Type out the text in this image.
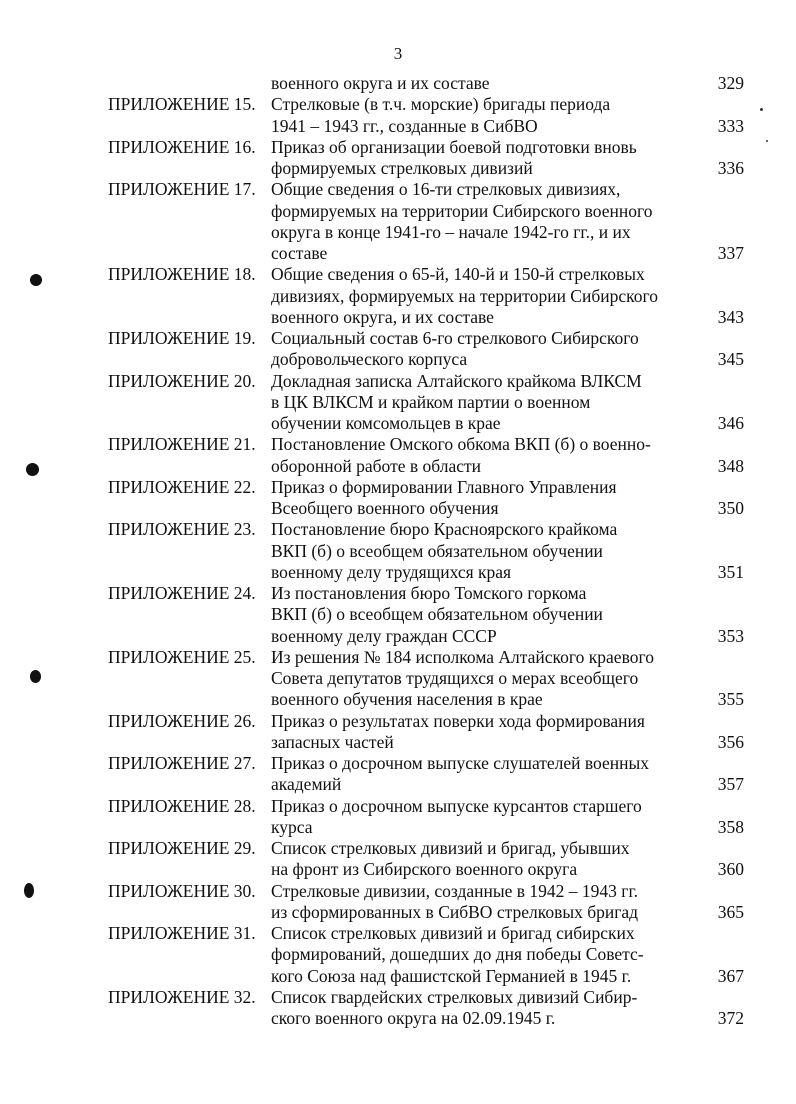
3
военного округа и их составе	329
ПРИЛОЖЕНИЕ 15. Стрелковые (в т.ч. морские) бригады периода
1941 – 1943 гг., созданные в СибВО	333
ПРИЛОЖЕНИЕ 16. Приказ об организации боевой подготовки вновь
формируемых стрелковых дивизий	336
ПРИЛОЖЕНИЕ 17. Общие сведения о 16-ти стрелковых дивизиях,
формируемых на территории Сибирского военного
округа в конце 1941-го – начале 1942-го гг., и их
составе	337
ПРИЛОЖЕНИЕ 18. Общие сведения о 65-й, 140-й и 150-й стрелковых
дивизиях, формируемых на территории Сибирского
военного округа, и их составе	343
ПРИЛОЖЕНИЕ 19. Социальный состав 6-го стрелкового Сибирского
добровольческого корпуса	345
ПРИЛОЖЕНИЕ 20. Докладная записка Алтайского крайкома ВЛКСМ
в ЦК ВЛКСМ и крайком партии о военном
обучении комсомольцев в крае	346
ПРИЛОЖЕНИЕ 21. Постановление Омского обкома ВКП (б) о военно-
оборонной работе в области	348
ПРИЛОЖЕНИЕ 22. Приказ о формировании Главного Управления
Всеобщего военного обучения	350
ПРИЛОЖЕНИЕ 23. Постановление бюро Красноярского крайкома
ВКП (б) о всеобщем обязательном обучении
военному делу трудящихся края	351
ПРИЛОЖЕНИЕ 24. Из постановления бюро Томского горкома
ВКП (б) о всеобщем обязательном обучении
военному делу граждан СССР	353
ПРИЛОЖЕНИЕ 25. Из решения № 184 исполкома Алтайского краевого
Совета депутатов трудящихся о мерах всеобщего
военного обучения населения в крае	355
ПРИЛОЖЕНИЕ 26. Приказ о результатах поверки хода формирования
запасных частей	356
ПРИЛОЖЕНИЕ 27. Приказ о досрочном выпуске слушателей военных
академий	357
ПРИЛОЖЕНИЕ 28. Приказ о досрочном выпуске курсантов старшего
курса	358
ПРИЛОЖЕНИЕ 29. Список стрелковых дивизий и бригад, убывших
на фронт из Сибирского военного округа	360
ПРИЛОЖЕНИЕ 30. Стрелковые дивизии, созданные в 1942 – 1943 гг.
из сформированных в СибВО стрелковых бригад	365
ПРИЛОЖЕНИЕ 31. Список стрелковых дивизий и бригад сибирских
формирований, дошедших до дня победы Советс-
кого Союза над фашистской Германией в 1945 г.	367
ПРИЛОЖЕНИЕ 32. Список гвардейских стрелковых дивизий Сибир-
ского военного округа на 02.09.1945 г.	372
